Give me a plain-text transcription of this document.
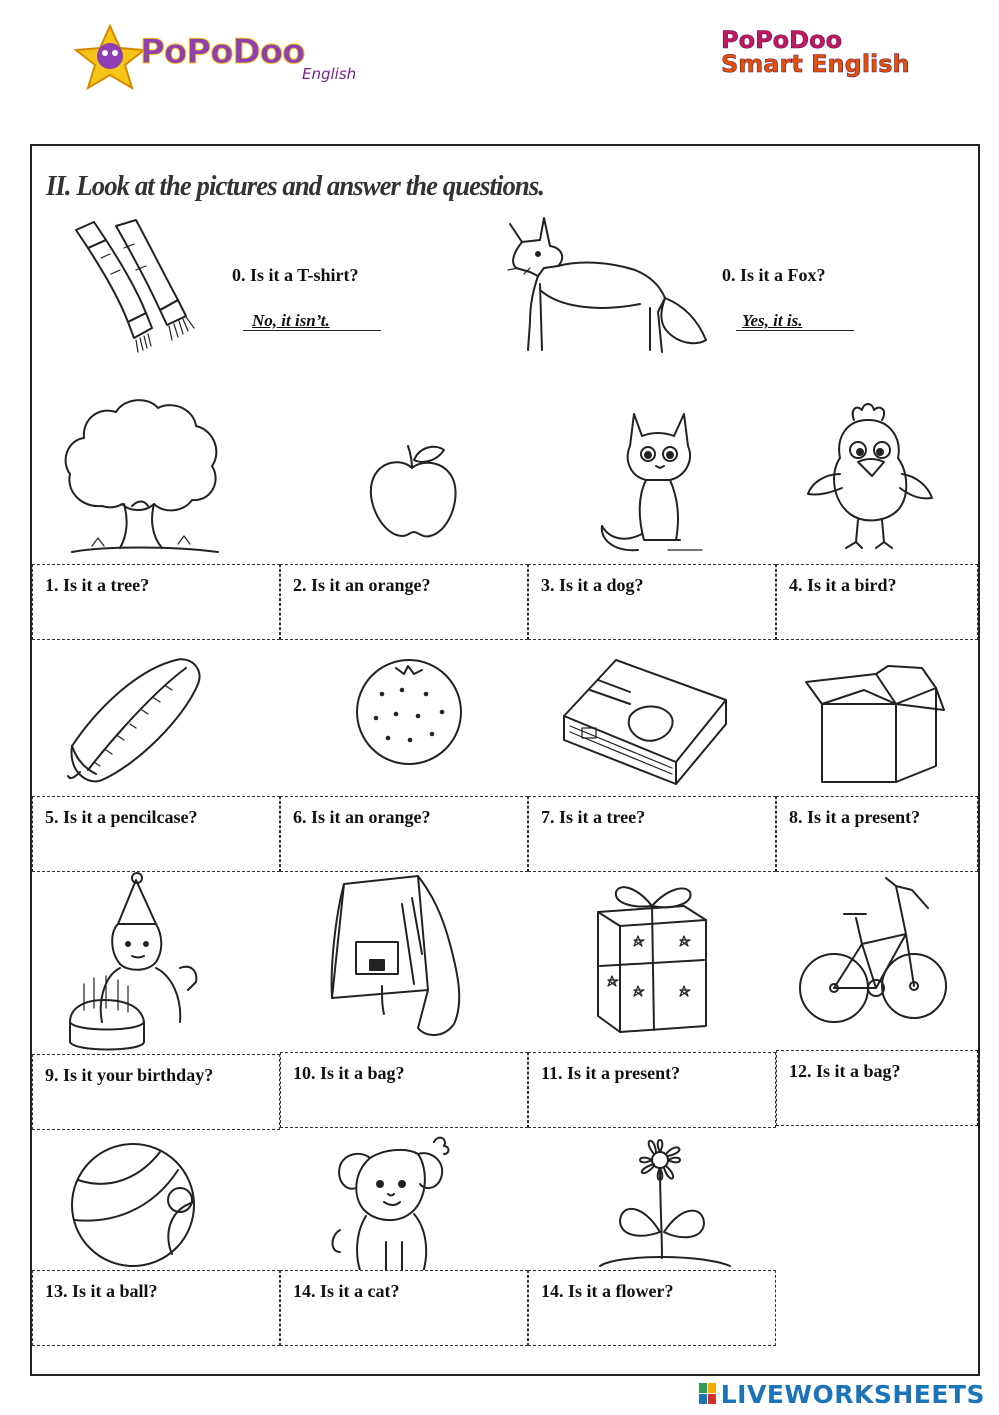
PoPoDoo
English
PoPoDoo
Smart English
II. Look at the pictures and answer the questions.
0. Is it a T-shirt?
No, it isn’t.
0. Is it a Fox?
Yes, it is.
1. Is it a tree?	2. Is it an orange?	3. Is it a dog?	4. Is it a bird?
5. Is it a pencilcase?	6. Is it an orange?	7. Is it a tree?	8. Is it a present?
9. Is it your birthday?	10. Is it a bag?	11. Is it a present?	12. Is it a bag?
13. Is it a ball?	14. Is it a cat?	14. Is it a flower?
LIVEWORKSHEETS
